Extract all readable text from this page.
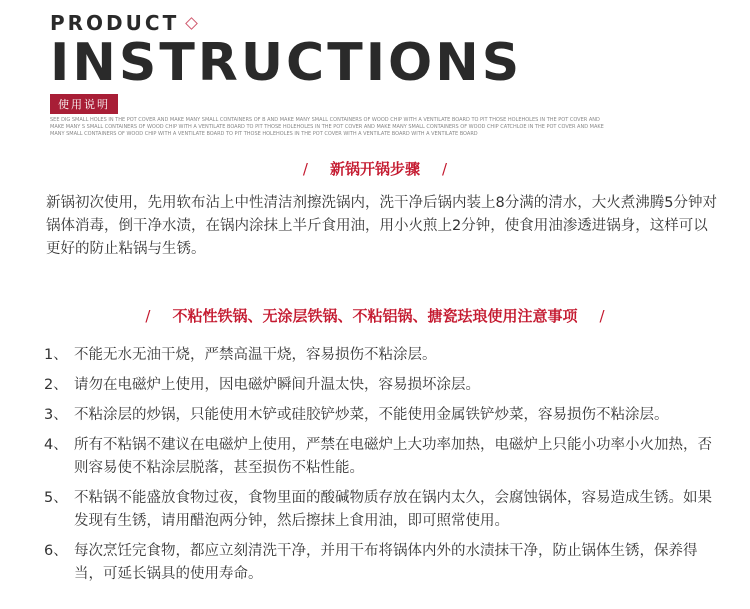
PRODUCT
INSTRUCTIONS
使用说明
SEE DIG SMALL HOLES IN THE POT COVER AND MAKE MANY SMALL CONTAINERS OF B AND MAKE MANY SMALL CONTAINERS OF WOOD CHIP WITH A VENTILATE BOARD TO PIT THOSE HOLEHOLES IN THE POT COVER AND MAKE MANY S SMALL CONTAINERS OF WOOD CHIP WITH A VENTILATE BOARD TO PIT THOSE HOLEHOLES IN THE POT COVER AND MAKE MANY SMALL CONTAINERS OF WOOD CHIP CATCHLOE IN THE POT COVER AND MAKE MANY SMALL CONTAINERS OF WOOD CHIP WITH A VENTILATE BOARD TO PIT THOSE HOLEHOLES IN THE POT COVER WITH A VENTILATE BOARD WITH A VENTILATE BOARD
/ 新锅开锅步骤 /
新锅初次使用，先用软布沾上中性清洁剂擦洗锅内，洗干净后锅内装上8分满的清水，大火煮沸腾5分钟对锅体消毒，倒干净水渍，在锅内涂抹上半斤食用油，用小火煎上2分钟，使食用油渗透进锅身，这样可以更好的防止粘锅与生锈。
/ 不粘性铁锅、无涂层铁锅、不粘铝锅、搪瓷珐琅使用注意事项 /
1、 不能无水无油干烧，严禁高温干烧，容易损伤不粘涂层。
2、 请勿在电磁炉上使用，因电磁炉瞬间升温太快，容易损坏涂层。
3、 不粘涂层的炒锅，只能使用木铲或硅胶铲炒菜，不能使用金属铁铲炒菜，容易损伤不粘涂层。
4、 所有不粘锅不建议在电磁炉上使用，严禁在电磁炉上大功率加热，电磁炉上只能小功率小火加热，否则容易使不粘涂层脱落，甚至损伤不粘性能。
5、 不粘锅不能盛放食物过夜，食物里面的酸碱物质存放在锅内太久，会腐蚀锅体，容易造成生锈。如果发现有生锈，请用醋泡两分钟，然后擦抹上食用油，即可照常使用。
6、 每次烹饪完食物，都应立刻清洗干净，并用干布将锅体内外的水渍抹干净，防止锅体生锈，保养得当，可延长锅具的使用寿命。
